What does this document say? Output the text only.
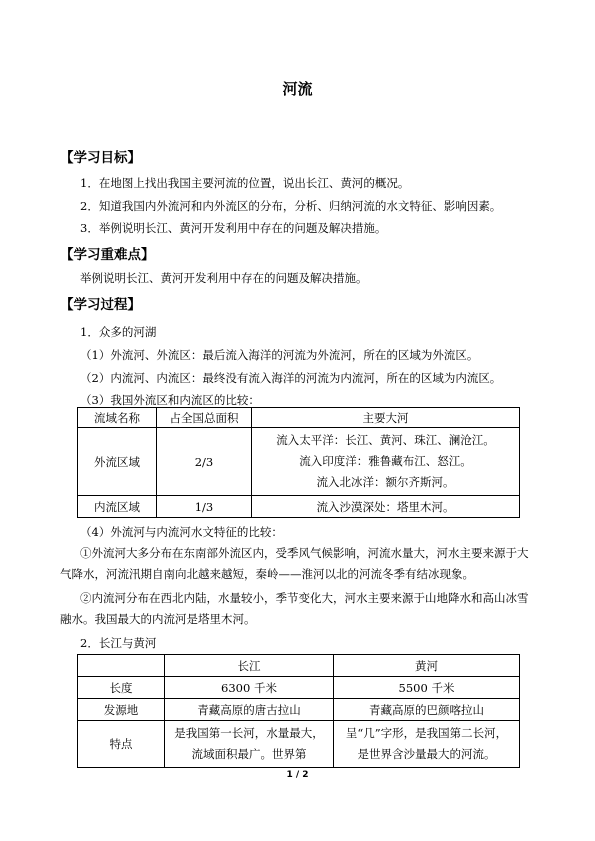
河流
【学习目标】
1．在地图上找出我国主要河流的位置，说出长江、黄河的概况。
2．知道我国内外流河和内外流区的分布，分析、归纳河流的水文特征、影响因素。
3．举例说明长江、黄河开发利用中存在的问题及解决措施。
【学习重难点】
举例说明长江、黄河开发利用中存在的问题及解决措施。
【学习过程】
1．众多的河湖
（1）外流河、外流区：最后流入海洋的河流为外流河，所在的区域为外流区。
（2）内流河、内流区：最终没有流入海洋的河流为内流河，所在的区域为内流区。
（3）我国外流区和内流区的比较：
流域名称	占全国总面积	主要大河
外流区域	2/3	流入太平洋：长江、黄河、珠江、澜沧江。
流入印度洋：雅鲁藏布江、怒江。
流入北冰洋：额尔齐斯河。

内流区域	1/3	流入沙漠深处：塔里木河。
（4）外流河与内流河水文特征的比较：
①外流河大多分布在东南部外流区内，受季风气候影响，河流水量大，河水主要来源于大气降水，河流汛期自南向北越来越短，秦岭——淮河以北的河流冬季有结冰现象。
②内流河分布在西北内陆，水量较小，季节变化大，河水主要来源于山地降水和高山冰雪融水。我国最大的内流河是塔里木河。
2．长江与黄河
	长江	黄河
长度	6300 千米	5500 千米
发源地	青藏高原的唐古拉山	青藏高原的巴颜喀拉山
特点	是我国第一长河，水量最大，流域面积最广。世界第	呈“几”字形，是我国第二长河，是世界含沙量最大的河流。
1 / 2
